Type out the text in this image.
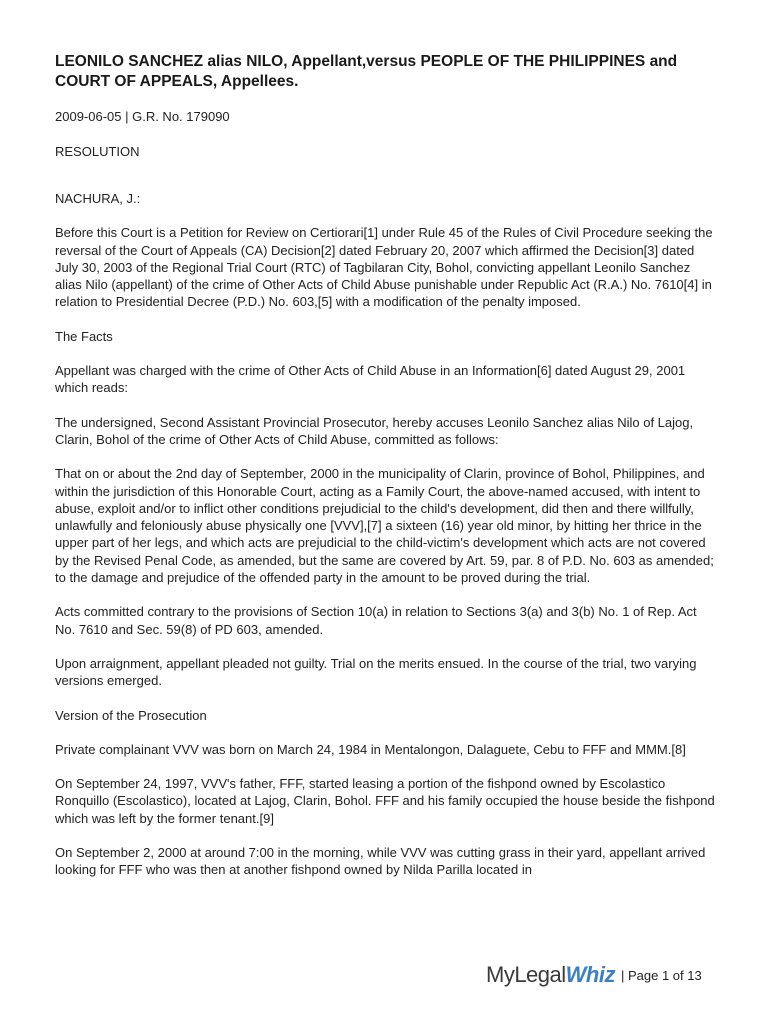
LEONILO SANCHEZ alias NILO, Appellant,versus PEOPLE OF THE PHILIPPINES and COURT OF APPEALS, Appellees.
2009-06-05 | G.R. No. 179090
RESOLUTION

NACHURA, J.:

Before this Court is a Petition for Review on Certiorari[1] under Rule 45 of the Rules of Civil Procedure seeking the reversal of the Court of Appeals (CA) Decision[2] dated February 20, 2007 which affirmed the Decision[3] dated July 30, 2003 of the Regional Trial Court (RTC) of Tagbilaran City, Bohol, convicting appellant Leonilo Sanchez alias Nilo (appellant) of the crime of Other Acts of Child Abuse punishable under Republic Act (R.A.) No. 7610[4] in relation to Presidential Decree (P.D.) No. 603,[5] with a modification of the penalty imposed.

The Facts

Appellant was charged with the crime of Other Acts of Child Abuse in an Information[6] dated August 29, 2001 which reads:

The undersigned, Second Assistant Provincial Prosecutor, hereby accuses Leonilo Sanchez alias Nilo of Lajog, Clarin, Bohol of the crime of Other Acts of Child Abuse, committed as follows:

That on or about the 2nd day of September, 2000 in the municipality of Clarin, province of Bohol, Philippines, and within the jurisdiction of this Honorable Court, acting as a Family Court, the above-named accused, with intent to abuse, exploit and/or to inflict other conditions prejudicial to the child's development, did then and there willfully, unlawfully and feloniously abuse physically one [VVV],[7] a sixteen (16) year old minor, by hitting her thrice in the upper part of her legs, and which acts are prejudicial to the child-victim's development which acts are not covered by the Revised Penal Code, as amended, but the same are covered by Art. 59, par. 8 of P.D. No. 603 as amended; to the damage and prejudice of the offended party in the amount to be proved during the trial.

Acts committed contrary to the provisions of Section 10(a) in relation to Sections 3(a) and 3(b) No. 1 of Rep. Act No. 7610 and Sec. 59(8) of PD 603, amended.

Upon arraignment, appellant pleaded not guilty. Trial on the merits ensued. In the course of the trial, two varying versions emerged.

Version of the Prosecution

Private complainant VVV was born on March 24, 1984 in Mentalongon, Dalaguete, Cebu to FFF and MMM.[8]

On September 24, 1997, VVV's father, FFF, started leasing a portion of the fishpond owned by Escolastico Ronquillo (Escolastico), located at Lajog, Clarin, Bohol. FFF and his family occupied the house beside the fishpond which was left by the former tenant.[9]

On September 2, 2000 at around 7:00 in the morning, while VVV was cutting grass in their yard, appellant arrived looking for FFF who was then at another fishpond owned by Nilda Parilla located in

MyLegalWhiz | Page 1 of 13
